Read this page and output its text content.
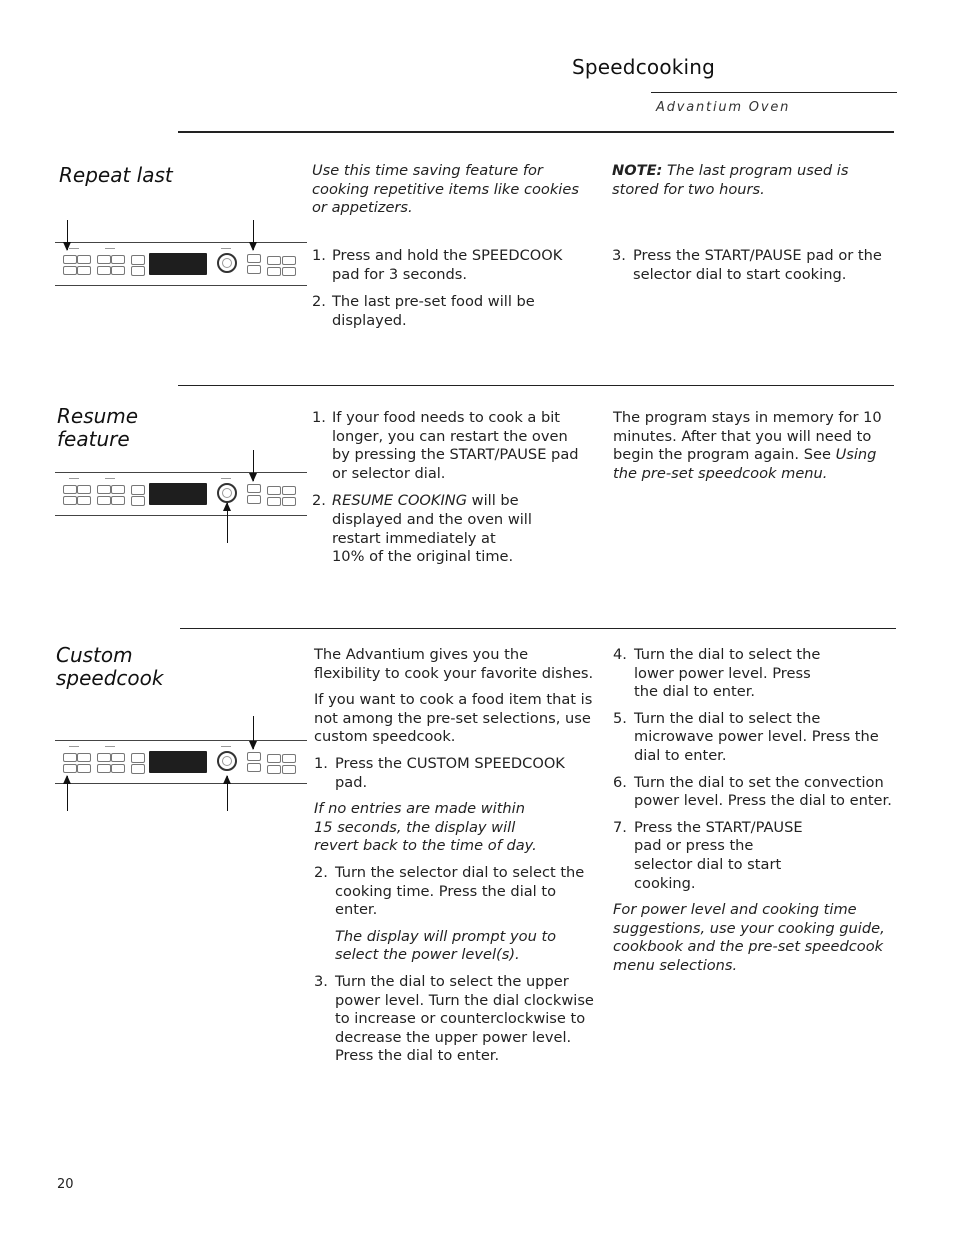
Speedcooking
Advantium Oven
Repeat last	Use this time saving feature for cooking repetitive items like cookies or appetizers.
1. Press and hold the SPEEDCOOK pad for 3 seconds.
2. The last pre-set food will be displayed.
NOTE: The last program used is stored for two hours.
3. Press the START/PAUSE pad or the selector dial to start cooking.
Resume
feature
1. If your food needs to cook a bit longer, you can restart the oven by pressing the START/PAUSE pad or selector dial.
2. RESUME COOKING will be displayed and the oven will restart immediately at 10% of the original time.
The program stays in memory for 10 minutes. After that you will need to begin the program again. See Using the pre-set speedcook menu.
Custom
speedcook

The Advantium gives you the flexibility to cook your favorite dishes.

If you want to cook a food item that is not among the pre-set selections, use custom speedcook.

1. Press the CUSTOM SPEEDCOOK pad.

If no entries are made within 15 seconds, the display will revert back to the time of day.

2. Turn the selector dial to select the cooking time. Press the dial to enter.

The display will prompt you to select the power level(s).

3. Turn the dial to select the upper power level. Turn the dial clockwise to increase or counterclockwise to decrease the upper power level. Press the dial to enter.
4. Turn the dial to select the lower power level. Press the dial to enter.
5. Turn the dial to select the microwave power level. Press the dial to enter.
6. Turn the dial to set the convection power level. Press the dial to enter.
7. Press the START/PAUSE pad or press the selector dial to start cooking.

For power level and cooking time suggestions, use your cooking guide, cookbook and the pre-set speedcook menu selections.

20
